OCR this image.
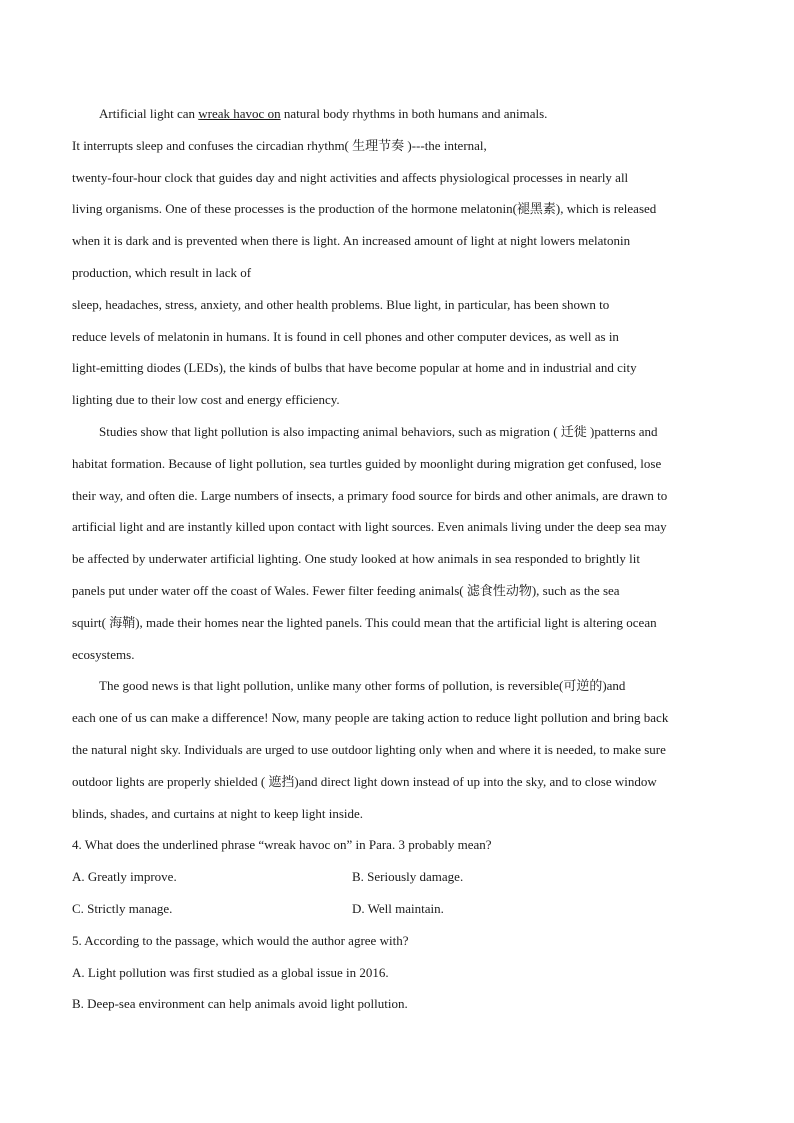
Artificial light can wreak havoc on natural body rhythms in both humans and animals.
It interrupts sleep and confuses the circadian rhythm( 生理节奏 )---the internal,
twenty-four-hour clock that guides day and night activities and affects physiological processes in nearly all
living organisms. One of these processes is the production of the hormone melatonin(褪黑素), which is released
when it is dark and is prevented when there is light. An increased amount of light at night lowers melatonin
production, which result in lack of
sleep, headaches, stress, anxiety, and other health problems. Blue light, in particular, has been shown to
reduce levels of melatonin in humans. It is found in cell phones and other computer devices, as well as in
light-emitting diodes (LEDs), the kinds of bulbs that have become popular at home and in industrial and city
lighting due to their low cost and energy efficiency.
Studies show that light pollution is also impacting animal behaviors, such as migration ( 迁徙 )patterns and
habitat formation. Because of light pollution, sea turtles guided by moonlight during migration get confused, lose
their way, and often die. Large numbers of insects, a primary food source for birds and other animals, are drawn to
artificial light and are instantly killed upon contact with light sources. Even animals living under the deep sea may
be affected by underwater artificial lighting. One study looked at how animals in sea responded to brightly lit
panels put under water off the coast of Wales. Fewer filter feeding animals( 滤食性动物), such as the sea
squirt( 海鞘), made their homes near the lighted panels. This could mean that the artificial light is altering ocean
ecosystems.
The good news is that light pollution, unlike many other forms of pollution, is reversible(可逆的)and
each one of us can make a difference! Now, many people are taking action to reduce light pollution and bring back
the natural night sky. Individuals are urged to use outdoor lighting only when and where it is needed, to make sure
outdoor lights are properly shielded ( 遮挡)and direct light down instead of up into the sky, and to close window
blinds, shades, and curtains at night to keep light inside.
4. What does the underlined phrase “wreak havoc on” in Para. 3 probably mean?
A. Greatly improve.	B. Seriously damage.
C. Strictly manage.	D. Well maintain.
5. According to the passage, which would the author agree with?
A. Light pollution was first studied as a global issue in 2016.
B. Deep-sea environment can help animals avoid light pollution.
